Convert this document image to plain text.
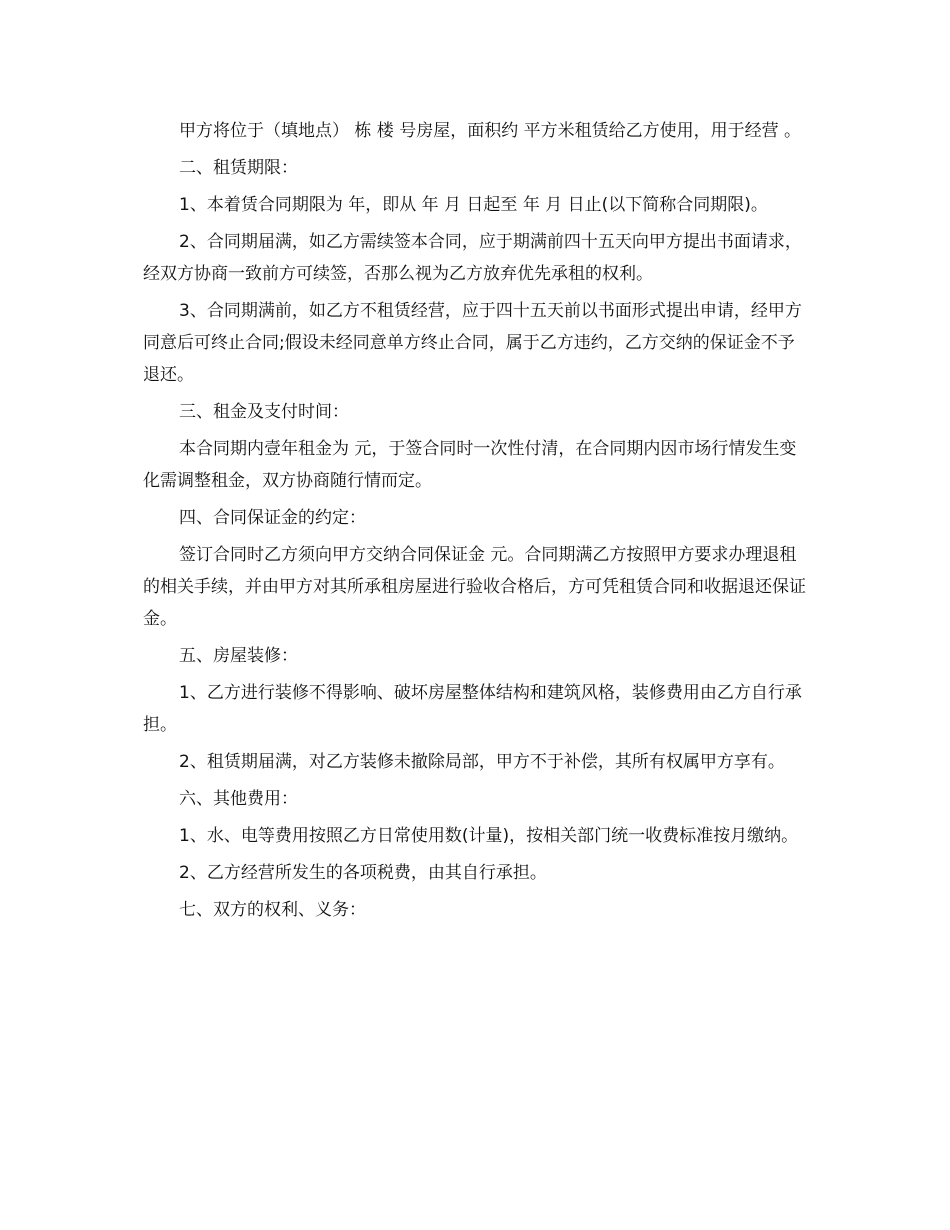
甲方将位于（填地点） 栋 楼 号房屋，面积约 平方米租赁给乙方使用，用于经营 。

二、租赁期限：

1、本着赁合同期限为 年，即从 年 月 日起至 年 月 日止(以下简称合同期限)。

2、合同期届满，如乙方需续签本合同，应于期满前四十五天向甲方提出书面请求，经双方协商一致前方可续签，否那么视为乙方放弃优先承租的权利。

3、合同期满前，如乙方不租赁经营，应于四十五天前以书面形式提出申请，经甲方同意后可终止合同;假设未经同意单方终止合同，属于乙方违约，乙方交纳的保证金不予退还。

三、租金及支付时间：

本合同期内壹年租金为 元，于签合同时一次性付清，在合同期内因市场行情发生变化需调整租金，双方协商随行情而定。

四、合同保证金的约定：

签订合同时乙方须向甲方交纳合同保证金 元。合同期满乙方按照甲方要求办理退租的相关手续，并由甲方对其所承租房屋进行验收合格后，方可凭租赁合同和收据退还保证金。

五、房屋装修：

1、乙方进行装修不得影响、破坏房屋整体结构和建筑风格，装修费用由乙方自行承担。

2、租赁期届满，对乙方装修未撤除局部，甲方不于补偿，其所有权属甲方享有。

六、其他费用：

1、水、电等费用按照乙方日常使用数(计量)，按相关部门统一收费标准按月缴纳。

2、乙方经营所发生的各项税费，由其自行承担。

七、双方的权利、义务：
